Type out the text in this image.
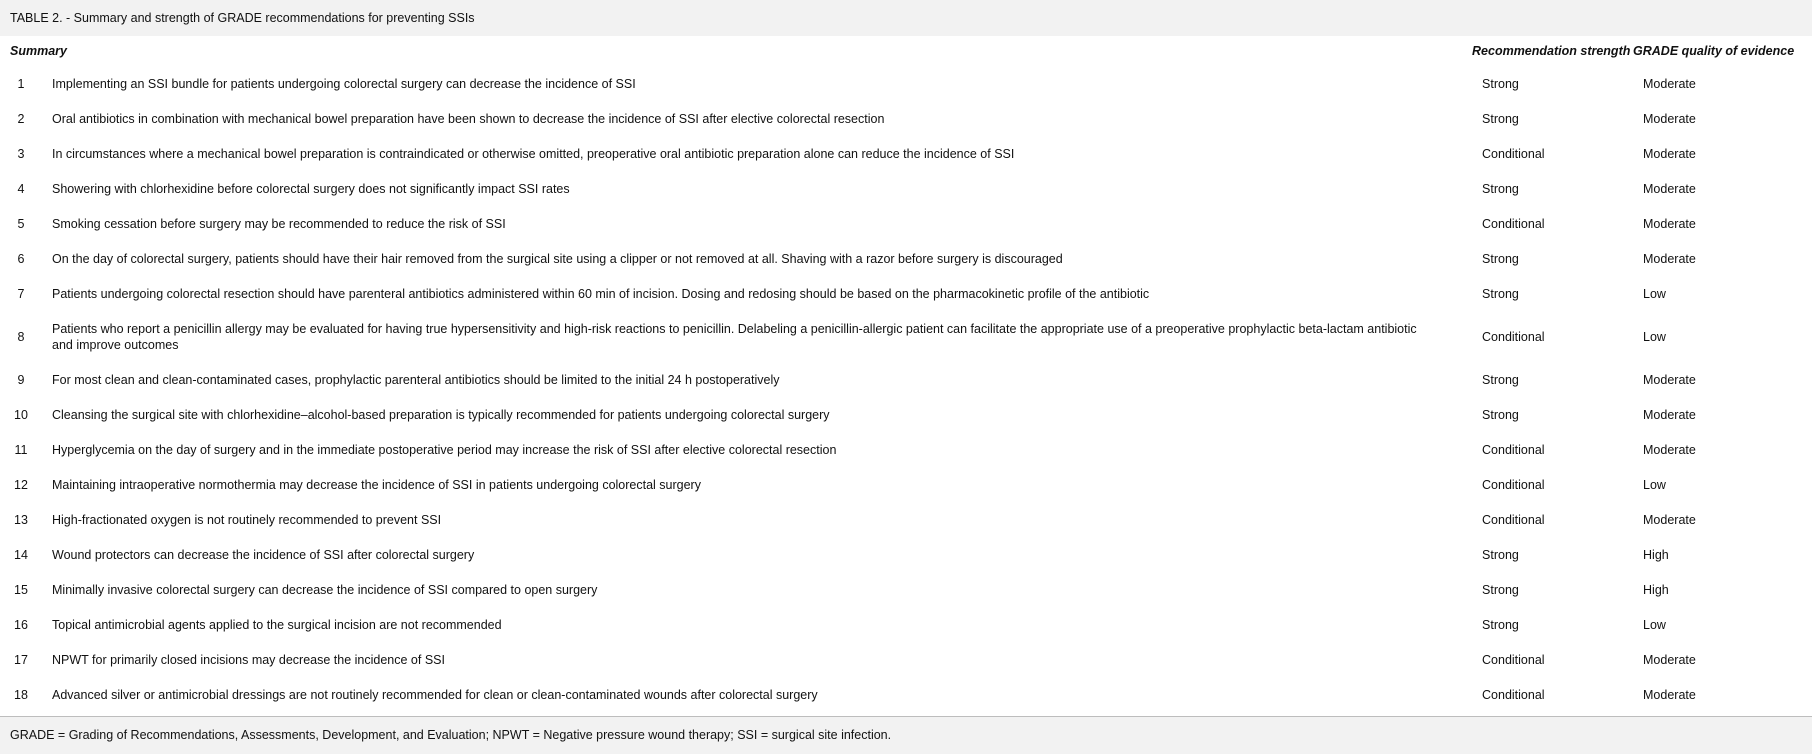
TABLE 2. - Summary and strength of GRADE recommendations for preventing SSIs
Summary		Recommendation strength	GRADE quality of evidence
1	Implementing an SSI bundle for patients undergoing colorectal surgery can decrease the incidence of SSI	Strong	Moderate
2	Oral antibiotics in combination with mechanical bowel preparation have been shown to decrease the incidence of SSI after elective colorectal resection	Strong	Moderate
3	In circumstances where a mechanical bowel preparation is contraindicated or otherwise omitted, preoperative oral antibiotic preparation alone can reduce the incidence of SSI	Conditional	Moderate
4	Showering with chlorhexidine before colorectal surgery does not significantly impact SSI rates	Strong	Moderate
5	Smoking cessation before surgery may be recommended to reduce the risk of SSI	Conditional	Moderate
6	On the day of colorectal surgery, patients should have their hair removed from the surgical site using a clipper or not removed at all. Shaving with a razor before surgery is discouraged	Strong	Moderate
7	Patients undergoing colorectal resection should have parenteral antibiotics administered within 60 min of incision. Dosing and redosing should be based on the pharmacokinetic profile of the antibiotic	Strong	Low
8	Patients who report a penicillin allergy may be evaluated for having true hypersensitivity and high-risk reactions to penicillin. Delabeling a penicillin-allergic patient can facilitate the appropriate use of a preoperative prophylactic beta-lactam antibiotic and improve outcomes	Conditional	Low
9	For most clean and clean-contaminated cases, prophylactic parenteral antibiotics should be limited to the initial 24 h postoperatively	Strong	Moderate
10	Cleansing the surgical site with chlorhexidine–alcohol-based preparation is typically recommended for patients undergoing colorectal surgery	Strong	Moderate
11	Hyperglycemia on the day of surgery and in the immediate postoperative period may increase the risk of SSI after elective colorectal resection	Conditional	Moderate
12	Maintaining intraoperative normothermia may decrease the incidence of SSI in patients undergoing colorectal surgery	Conditional	Low
13	High-fractionated oxygen is not routinely recommended to prevent SSI	Conditional	Moderate
14	Wound protectors can decrease the incidence of SSI after colorectal surgery	Strong	High
15	Minimally invasive colorectal surgery can decrease the incidence of SSI compared to open surgery	Strong	High
16	Topical antimicrobial agents applied to the surgical incision are not recommended	Strong	Low
17	NPWT for primarily closed incisions may decrease the incidence of SSI	Conditional	Moderate
18	Advanced silver or antimicrobial dressings are not routinely recommended for clean or clean-contaminated wounds after colorectal surgery	Conditional	Moderate
GRADE = Grading of Recommendations, Assessments, Development, and Evaluation; NPWT = Negative pressure wound therapy; SSI = surgical site infection.
